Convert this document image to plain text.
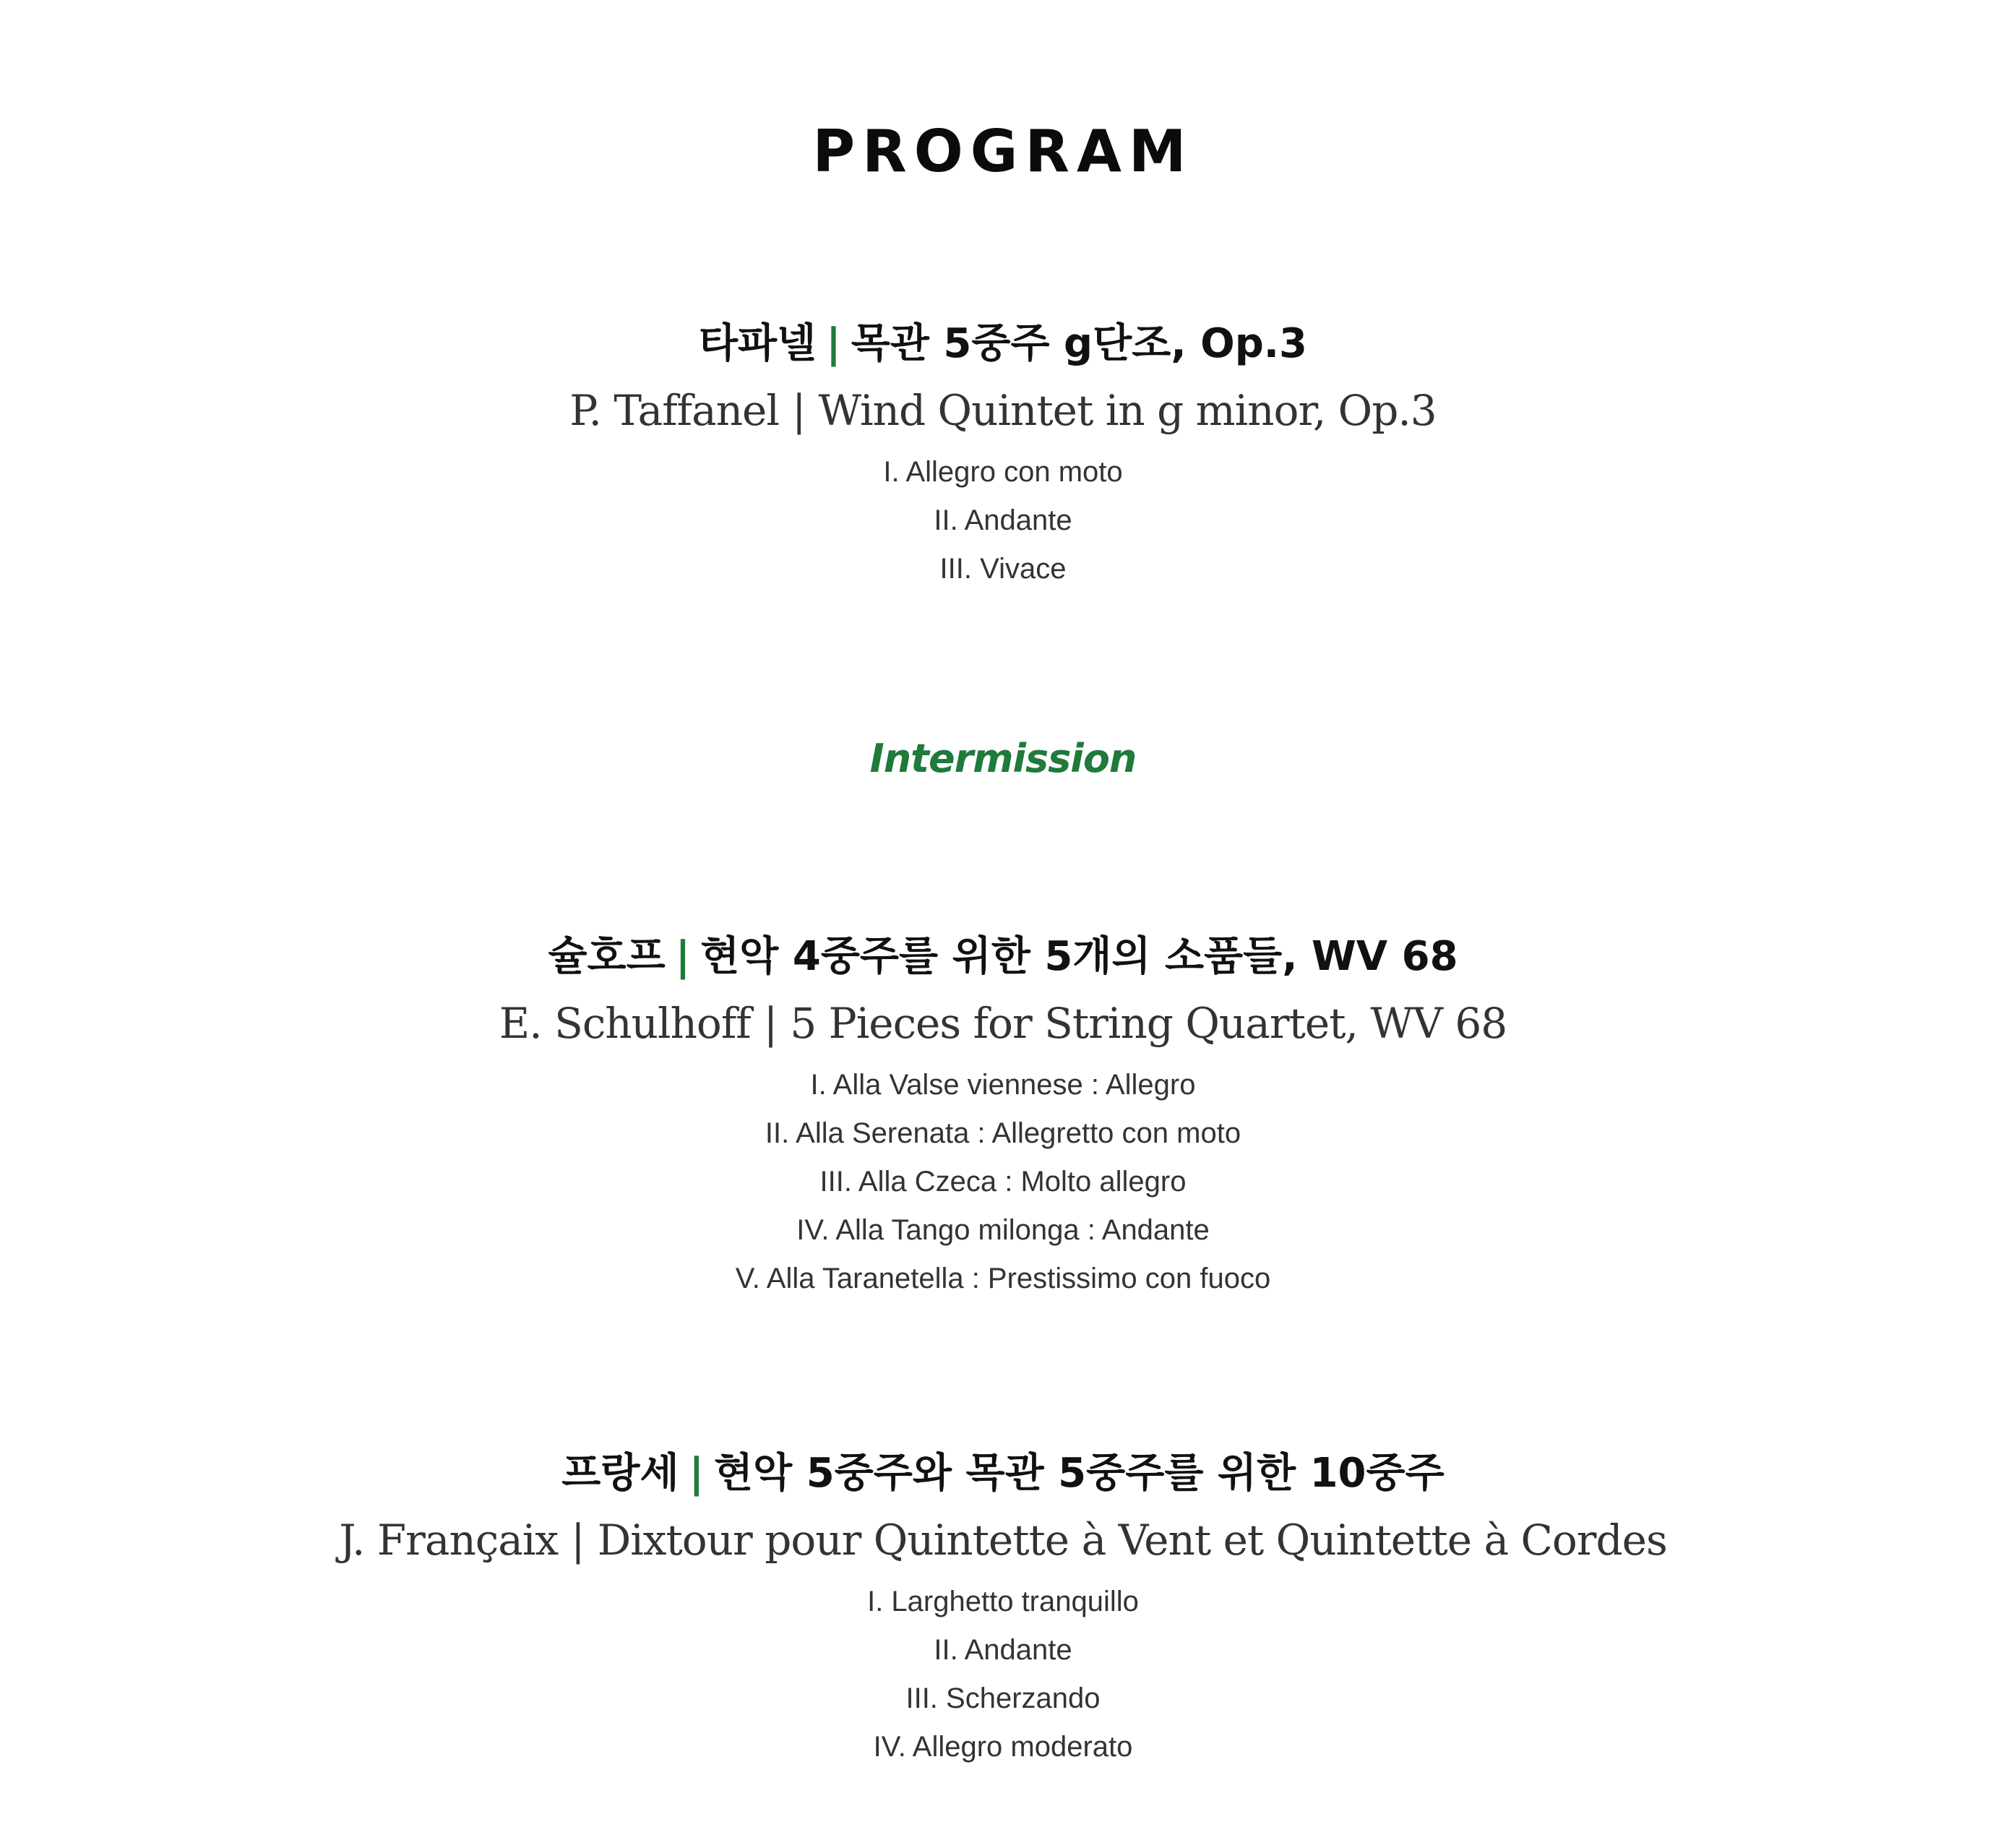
PROGRAM
타파넬 | 목관 5중주 g단조, Op.3
P. Taffanel | Wind Quintet in g minor, Op.3
I. Allegro con moto
II. Andante
III. Vivace
Intermission
슐호프 | 현악 4중주를 위한 5개의 소품들, WV 68
E. Schulhoff | 5 Pieces for String Quartet, WV 68
I. Alla Valse viennese : Allegro
II. Alla Serenata : Allegretto con moto
III. Alla Czeca : Molto allegro
IV. Alla Tango milonga : Andante
V. Alla Taranetella : Prestissimo con fuoco
프랑세 | 현악 5중주와 목관 5중주를 위한 10중주
J. Françaix | Dixtour pour Quintette à Vent et Quintette à Cordes
I. Larghetto tranquillo
II. Andante
III. Scherzando
IV. Allegro moderato
